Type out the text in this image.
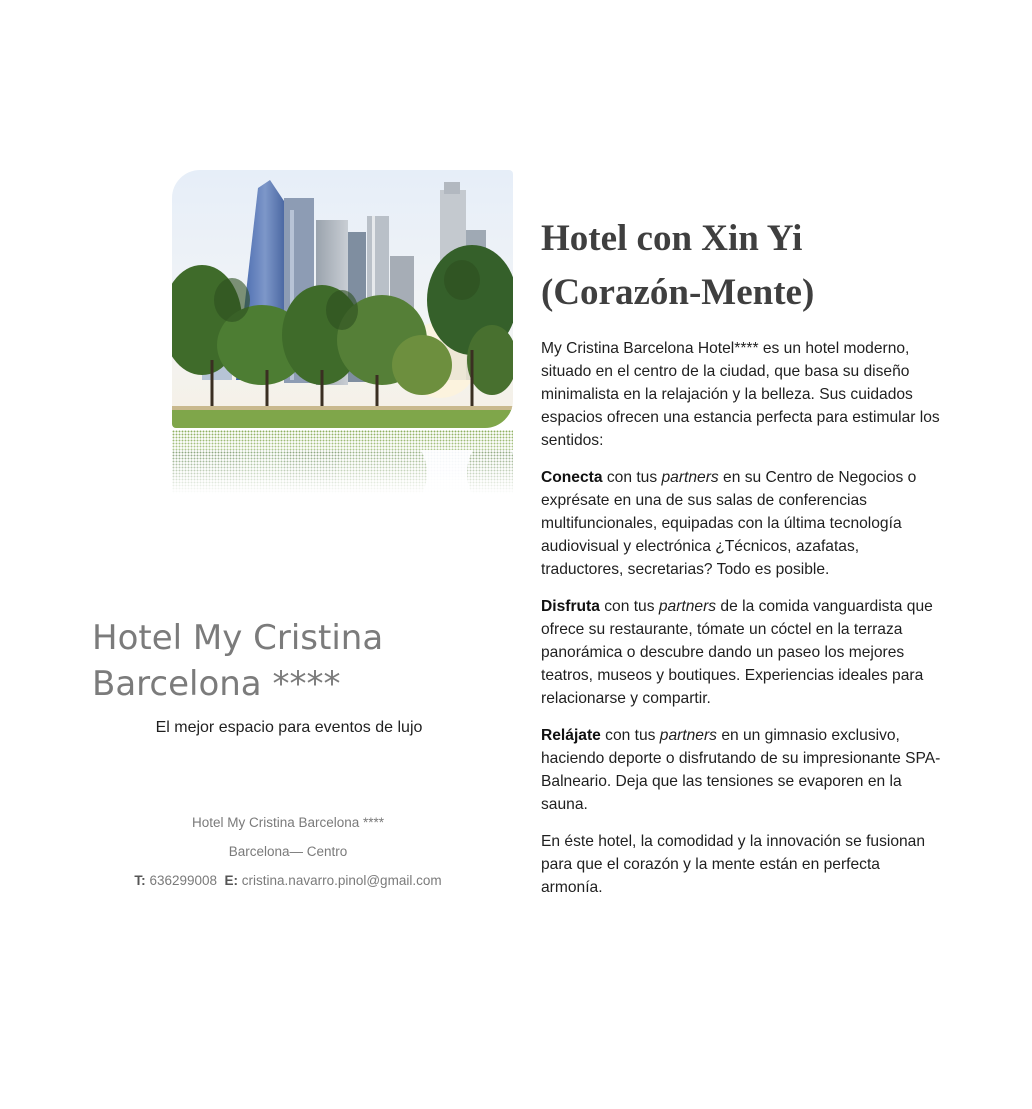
Hotel My Cristina
Barcelona ****
El mejor espacio para eventos de lujo
Hotel My Cristina Barcelona ****
Barcelona— Centro
T: 636299008 E: cristina.navarro.pinol@gmail.com
Hotel con Xin Yi
(Corazón-Mente)

My Cristina Barcelona Hotel**** es un hotel moderno, situado en el centro de la ciudad, que basa su diseño minimalista en la relajación y la belleza. Sus cuidados espacios ofrecen una estancia perfecta para estimular los sentidos:

Conecta con tus partners en su Centro de Negocios o exprésate en una de sus salas de conferencias multifuncionales, equipadas con la última tecnología audiovisual y electrónica ¿Técnicos, azafatas, traductores, secretarias? Todo es posible.

Disfruta con tus partners de la comida vanguardista que ofrece su restaurante, tómate un cóctel en la terraza panorámica o descubre dando un paseo los mejores teatros, museos y boutiques. Experiencias ideales para relacionarse y compartir.

Relájate con tus partners en un gimnasio exclusivo, haciendo deporte o disfrutando de su impresionante SPA-Balneario. Deja que las tensiones se evaporen en la sauna.

En éste hotel, la comodidad y la innovación se fusionan para que el corazón y la mente están en perfecta armonía.
